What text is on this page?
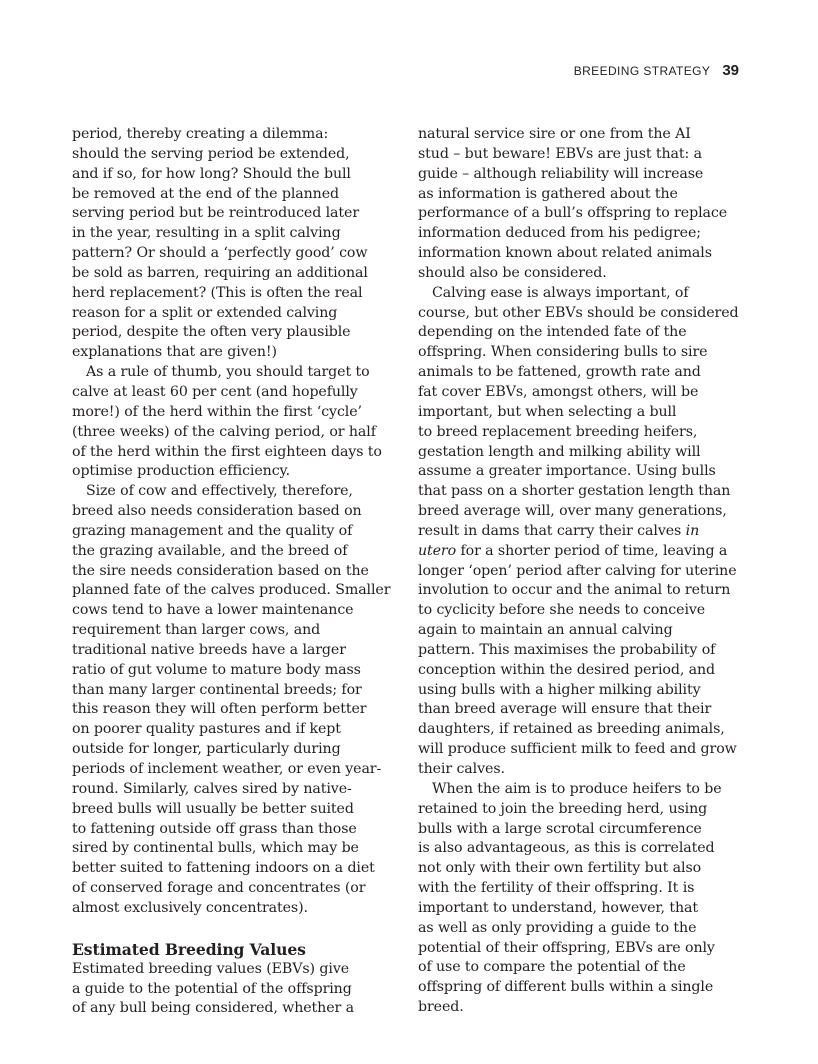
BREEDING STRATEGY 39
period, thereby creating a dilemma:
should the serving period be extended,
and if so, for how long? Should the bull
be removed at the end of the planned
serving period but be reintroduced later
in the year, resulting in a split calving
pattern? Or should a ‘perfectly good’ cow
be sold as barren, requiring an additional
herd replacement? (This is often the real
reason for a split or extended calving
period, despite the often very plausible
explanations that are given!)
As a rule of thumb, you should target to
calve at least 60 per cent (and hopefully
more!) of the herd within the first ‘cycle’
(three weeks) of the calving period, or half
of the herd within the first eighteen days to
optimise production efficiency.
Size of cow and effectively, therefore,
breed also needs consideration based on
grazing management and the quality of
the grazing available, and the breed of
the sire needs consideration based on the
planned fate of the calves produced. Smaller
cows tend to have a lower maintenance
requirement than larger cows, and
traditional native breeds have a larger
ratio of gut volume to mature body mass
than many larger continental breeds; for
this reason they will often perform better
on poorer quality pastures and if kept
outside for longer, particularly during
periods of inclement weather, or even year-
round. Similarly, calves sired by native-
breed bulls will usually be better suited
to fattening outside off grass than those
sired by continental bulls, which may be
better suited to fattening indoors on a diet
of conserved forage and concentrates (or
almost exclusively concentrates).
Estimated Breeding Values
Estimated breeding values (EBVs) give
a guide to the potential of the offspring
of any bull being considered, whether a
natural service sire or one from the AI
stud – but beware! EBVs are just that: a
guide – although reliability will increase
as information is gathered about the
performance of a bull’s offspring to replace
information deduced from his pedigree;
information known about related animals
should also be considered.
Calving ease is always important, of
course, but other EBVs should be considered
depending on the intended fate of the
offspring. When considering bulls to sire
animals to be fattened, growth rate and
fat cover EBVs, amongst others, will be
important, but when selecting a bull
to breed replacement breeding heifers,
gestation length and milking ability will
assume a greater importance. Using bulls
that pass on a shorter gestation length than
breed average will, over many generations,
result in dams that carry their calves in
utero for a shorter period of time, leaving a
longer ‘open’ period after calving for uterine
involution to occur and the animal to return
to cyclicity before she needs to conceive
again to maintain an annual calving
pattern. This maximises the probability of
conception within the desired period, and
using bulls with a higher milking ability
than breed average will ensure that their
daughters, if retained as breeding animals,
will produce sufficient milk to feed and grow
their calves.
When the aim is to produce heifers to be
retained to join the breeding herd, using
bulls with a large scrotal circumference
is also advantageous, as this is correlated
not only with their own fertility but also
with the fertility of their offspring. It is
important to understand, however, that
as well as only providing a guide to the
potential of their offspring, EBVs are only
of use to compare the potential of the
offspring of different bulls within a single
breed.
